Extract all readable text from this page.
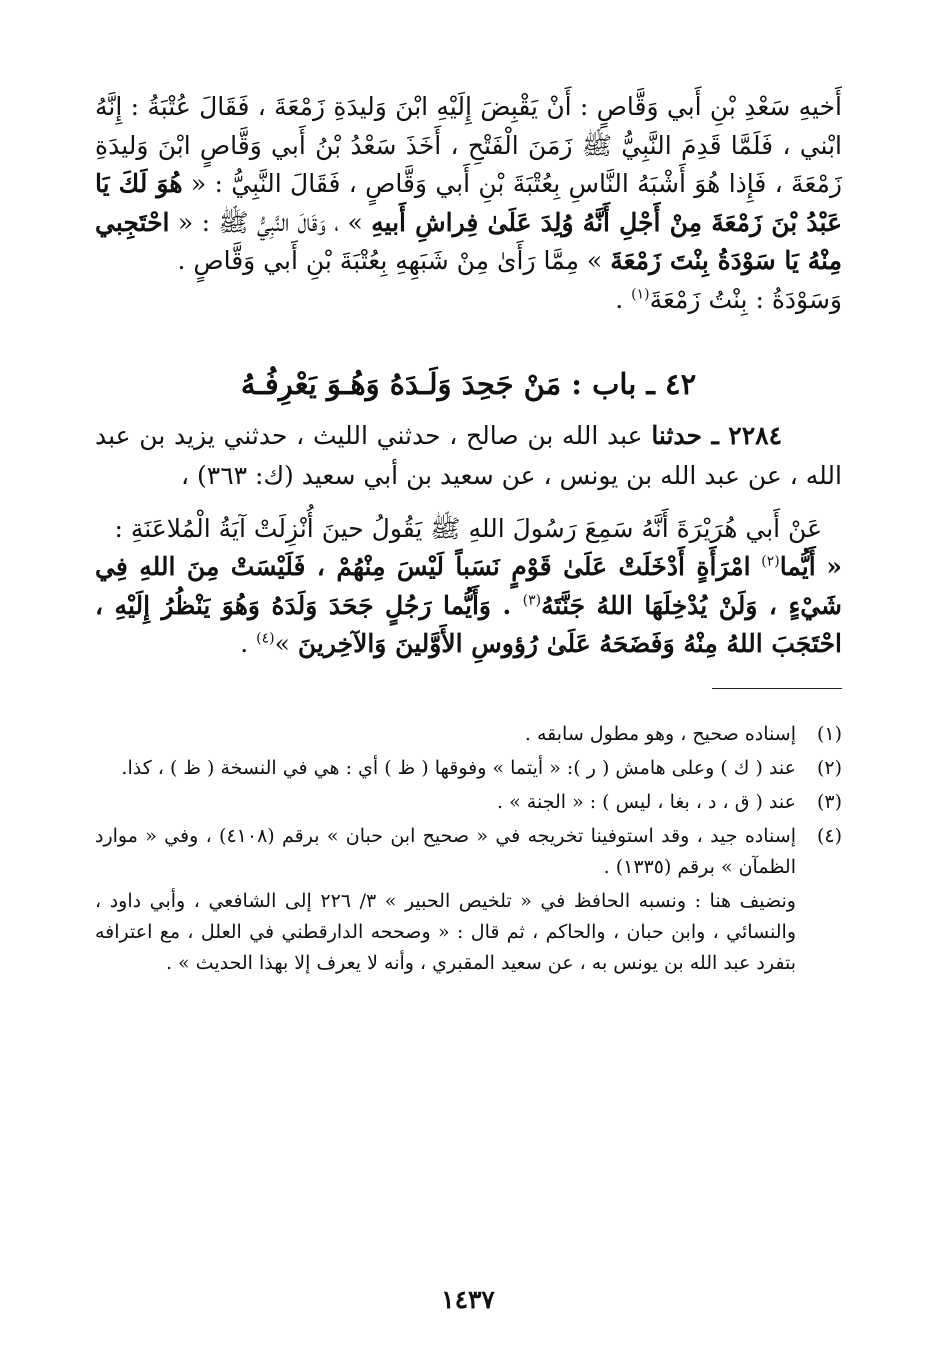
أَخيهِ سَعْدِ بْنِ أَبي وَقَّاصٍ : أَنْ يَقْبِضَ إِلَيْهِ ابْنَ وَليدَةِ زَمْعَةَ ، فَقَالَ عُتْبَةُ : إِنَّهُ ابْني ، فَلَمَّا قَدِمَ النَّبِيُّ ﷺ زَمَنَ الْفَتْحِ ، أَخَذَ سَعْدُ بْنُ أَبي وَقَّاصٍ ابْنَ وَليدَةِ زَمْعَةَ ، فَإِذا هُوَ أَشْبَهُ النَّاسِ بِعُتْبَةَ بْنِ أَبي وَقَّاصٍ ، فَقَالَ النَّبِيُّ : « هُوَ لَكَ يَا عَبْدُ بْنَ زَمْعَةَ مِنْ أَجْلِ أَنَّهُ وُلِدَ عَلَىٰ فِراشِ أَبيهِ » ، وَقَالَ النَّبِيُّ ﷺ : « احْتَجِبي مِنْهُ يَا سَوْدَةُ بِنْتَ زَمْعَةَ » مِمَّا رَأَىٰ مِنْ شَبَهِهِ بِعُتْبَةَ بْنِ أَبي وَقَّاصٍ .
وَسَوْدَةُ : بِنْتُ زَمْعَةَ$^{(١)}$ .
٤٢ ـ باب : مَنْ جَحِدَ وَلَـدَهُ وَهُـوَ يَعْرِفُـهُ
٢٢٨٤ ـ حدثنا عبد الله بن صالح ، حدثني الليث ، حدثني يزيد بن عبد الله ، عن عبد الله بن يونس ، عن سعيد بن أبي سعيد (ك: ٣٦٣) ،
عَنْ أَبي هُرَيْرَةَ أَنَّهُ سَمِعَ رَسُولَ اللهِ ﷺ يَقُولُ حينَ أُنْزِلَتْ آيَةُ الْمُلاعَنَةِ :
« أَيُّما$^{(٢)}$ امْرَأَةٍ أَدْخَلَتْ عَلَىٰ قَوْمٍ نَسَباً لَيْسَ مِنْهُمْ ، فَلَيْسَتْ مِنَ اللهِ فِي شَيْءٍ ، وَلَنْ يُدْخِلَهَا اللهُ جَنَّتَهُ$^{(٣)}$ . وَأَيُّما رَجُلٍ جَحَدَ وَلَدَهُ وَهُوَ يَنْظُرُ إِلَيْهِ ، احْتَجَبَ اللهُ مِنْهُ وَفَضَحَهُ عَلَىٰ رُؤوسِ الأَوَّلينَ وَالآخِرينَ »$^{(٤)}$ .
(١)
إسناده صحيح ، وهو مطول سابقه .
(٢)
عند ( ك ) وعلى هامش ( ر ): « أيتما » وفوقها ( ظ ) أي : هي في النسخة ( ظ ) ، كذا.
(٣)
عند ( ق ، د ، بغا ، ليس ) : « الجنة » .
(٤)
إسناده جيد ، وقد استوفينا تخريجه في « صحيح ابن حبان » برقم (٤١٠٨) ، وفي « موارد الظمآن » برقم (١٣٣٥) .
ونضيف هنا : ونسبه الحافظ في « تلخيص الحبير » ٣/ ٢٢٦ إلى الشافعي ، وأبي داود ، والنسائي ، وابن حبان ، والحاكم ، ثم قال : « وصححه الدارقطني في العلل ، مع اعترافه بتفرد عبد الله بن يونس به ، عن سعيد المقبري ، وأنه لا يعرف إلا بهذا الحديث » .
١٤٣٧
